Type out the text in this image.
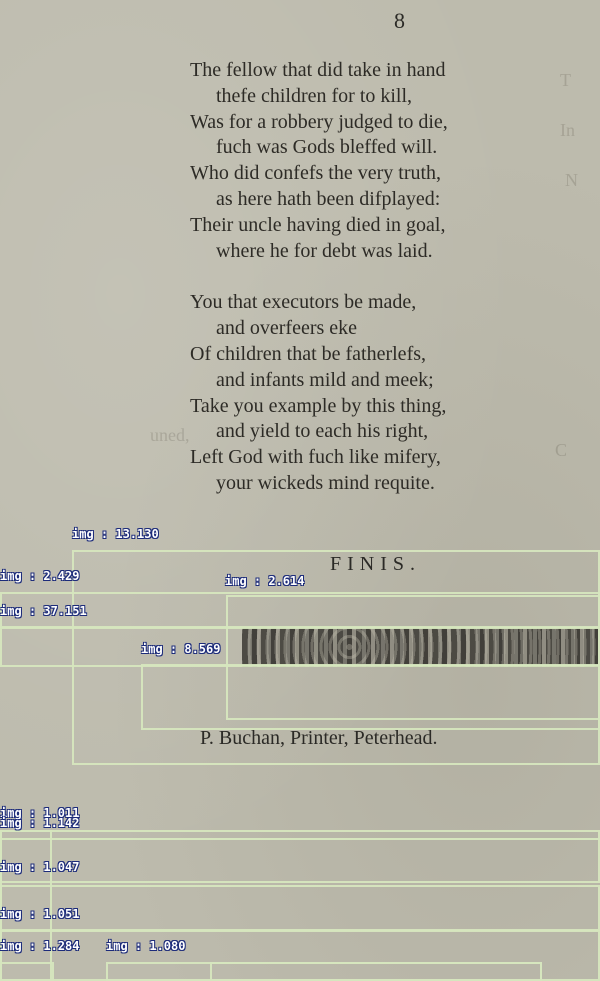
uned,
T
In
N
C
8
The fellow that did take in hand
thefe children for to kill,
Was for a robbery judged to die,
fuch was Gods bleffed will.
Who did confefs the very truth,
as here hath been difplayed:
Their uncle having died in goal,
where he for debt was laid.
You that executors be made,
and overfeers eke
Of children that be fatherlefs,
and infants mild and meek;
Take you example by this thing,
and yield to each his right,
Left God with fuch like mifery,
your wickeds mind requite.
FINIS.
P. Buchan, Printer, Peterhead.
img : 13.130
img : 2.429	img : 2.614
img : 37.151
img : 8.569
img : 1.011
img : 1.142
img : 1.047
img : 1.051
img : 1.284 img : 1.080
